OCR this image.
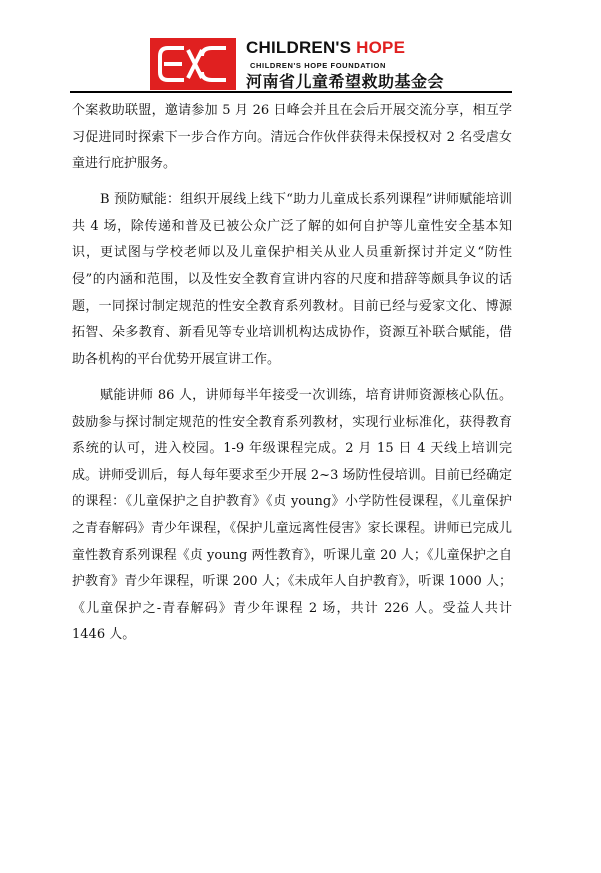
CHILDREN'S HOPE
CHILDREN'S HOPE FOUNDATION
河南省儿童希望救助基金会

个案救助联盟，邀请参加 5 月 26 日峰会并且在会后开展交流分享，相互学习促进同时探索下一步合作方向。清远合作伙伴获得未保授权对 2 名受虐女童进行庇护服务。

B 预防赋能：组织开展线上线下“助力儿童成长系列课程”讲师赋能培训共 4 场，除传递和普及已被公众广泛了解的如何自护等儿童性安全基本知识，更试图与学校老师以及儿童保护相关从业人员重新探讨并定义“防性侵”的内涵和范围，以及性安全教育宣讲内容的尺度和措辞等颇具争议的话题，一同探讨制定规范的性安全教育系列教材。目前已经与爱家文化、博源拓智、朵多教育、新看见等专业培训机构达成协作，资源互补联合赋能，借助各机构的平台优势开展宣讲工作。

赋能讲师 86 人，讲师每半年接受一次训练，培育讲师资源核心队伍。鼓励参与探讨制定规范的性安全教育系列教材，实现行业标准化，获得教育系统的认可，进入校园。1-9 年级课程完成。2 月 15 日 4 天线上培训完成。讲师受训后，每人每年要求至少开展 2~3 场防性侵培训。目前已经确定的课程：《儿童保护之自护教育》《贞 young》小学防性侵课程，《儿童保护之青春解码》青少年课程，《保护儿童远离性侵害》家长课程。讲师已完成儿童性教育系列课程《贞 young 两性教育》，听课儿童 20 人；《儿童保护之自护教育》青少年课程，听课 200 人；《未成年人自护教育》，听课 1000 人；《儿童保护之-青春解码》青少年课程 2 场，共计 226 人。受益人共计 1446 人。
